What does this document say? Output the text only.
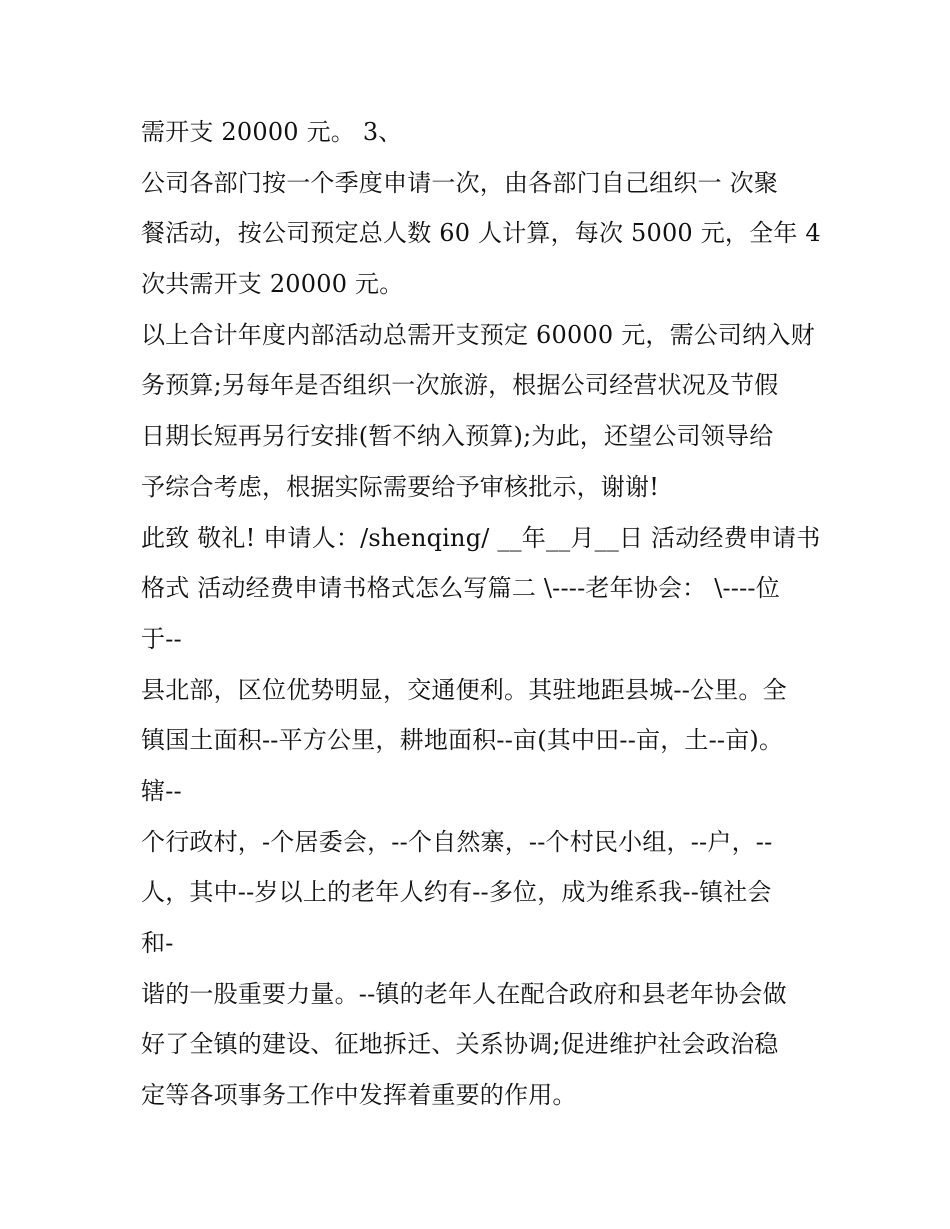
需开支 20000 元。 3、
公司各部门按一个季度申请一次，由各部门自己组织一 次聚
餐活动，按公司预定总人数 60 人计算，每次 5000 元，全年 4
次共需开支 20000 元。
以上合计年度内部活动总需开支预定 60000 元，需公司纳入财
务预算;另每年是否组织一次旅游，根据公司经营状况及节假
日期长短再另行安排(暂不纳入预算);为此，还望公司领导给
予综合考虑，根据实际需要给予审核批示，谢谢!
此致 敬礼! 申请人：/shenqing/ __年__月__日 活动经费申请书
格式 活动经费申请书格式怎么写篇二 \----老年协会： \----位
于--
县北部，区位优势明显，交通便利。其驻地距县城--公里。全
镇国土面积--平方公里，耕地面积--亩(其中田--亩，土--亩)。
辖--
个行政村，-个居委会，--个自然寨，--个村民小组，--户，--
人，其中--岁以上的老年人约有--多位，成为维系我--镇社会
和-
谐的一股重要力量。--镇的老年人在配合政府和县老年协会做
好了全镇的建设、征地拆迁、关系协调;促进维护社会政治稳
定等各项事务工作中发挥着重要的作用。
